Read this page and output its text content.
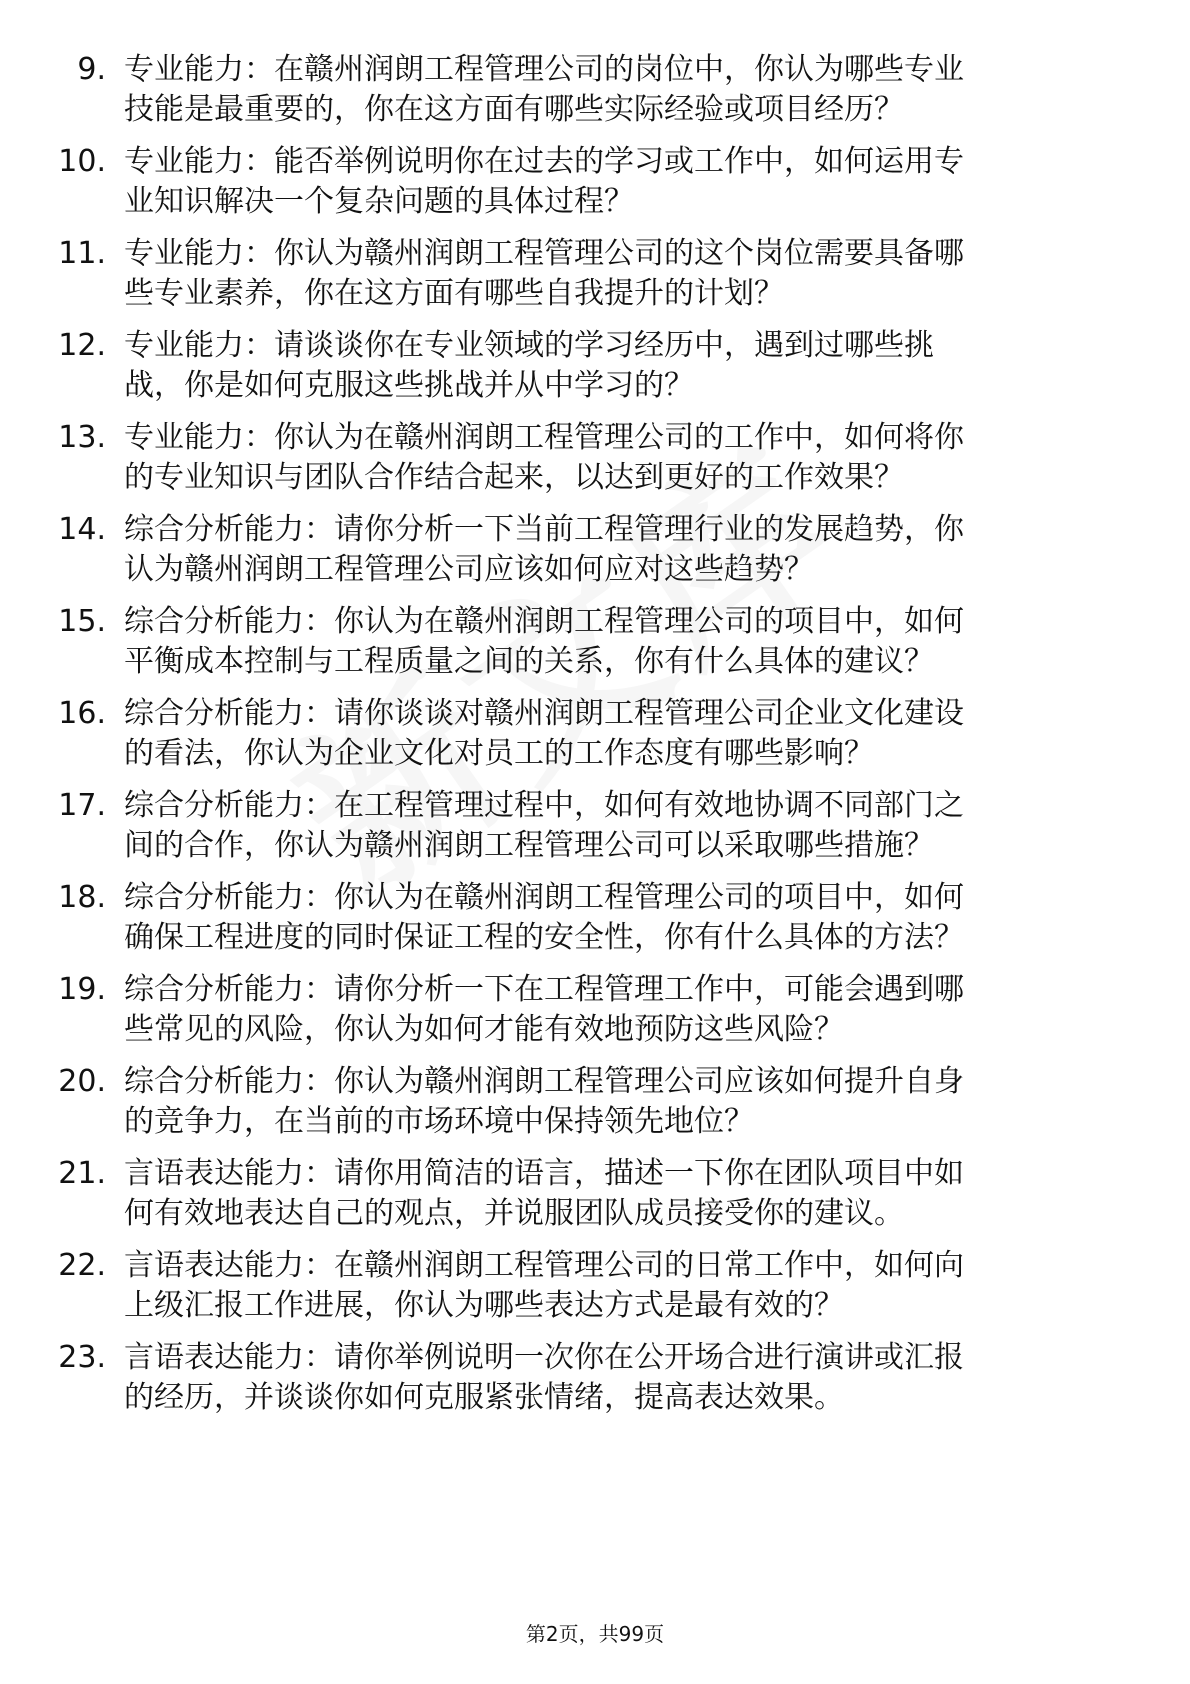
9. 专业能力：在赣州润朗工程管理公司的岗位中，你认为哪些专业
技能是最重要的，你在这方面有哪些实际经验或项目经历？
10. 专业能力：能否举例说明你在过去的学习或工作中，如何运用专
业知识解决一个复杂问题的具体过程？
11. 专业能力：你认为赣州润朗工程管理公司的这个岗位需要具备哪
些专业素养，你在这方面有哪些自我提升的计划？
12. 专业能力：请谈谈你在专业领域的学习经历中，遇到过哪些挑
战，你是如何克服这些挑战并从中学习的？
13. 专业能力：你认为在赣州润朗工程管理公司的工作中，如何将你
的专业知识与团队合作结合起来，以达到更好的工作效果？
14. 综合分析能力：请你分析一下当前工程管理行业的发展趋势，你
认为赣州润朗工程管理公司应该如何应对这些趋势？
15. 综合分析能力：你认为在赣州润朗工程管理公司的项目中，如何
平衡成本控制与工程质量之间的关系，你有什么具体的建议？
16. 综合分析能力：请你谈谈对赣州润朗工程管理公司企业文化建设
的看法，你认为企业文化对员工的工作态度有哪些影响？
17. 综合分析能力：在工程管理过程中，如何有效地协调不同部门之
间的合作，你认为赣州润朗工程管理公司可以采取哪些措施？
18. 综合分析能力：你认为在赣州润朗工程管理公司的项目中，如何
确保工程进度的同时保证工程的安全性，你有什么具体的方法？
19. 综合分析能力：请你分析一下在工程管理工作中，可能会遇到哪
些常见的风险，你认为如何才能有效地预防这些风险？
20. 综合分析能力：你认为赣州润朗工程管理公司应该如何提升自身
的竞争力，在当前的市场环境中保持领先地位？
21. 言语表达能力：请你用简洁的语言，描述一下你在团队项目中如
何有效地表达自己的观点，并说服团队成员接受你的建议。
22. 言语表达能力：在赣州润朗工程管理公司的日常工作中，如何向
上级汇报工作进展，你认为哪些表达方式是最有效的？
23. 言语表达能力：请你举例说明一次你在公开场合进行演讲或汇报
的经历，并谈谈你如何克服紧张情绪，提高表达效果。
第2页，共99页
